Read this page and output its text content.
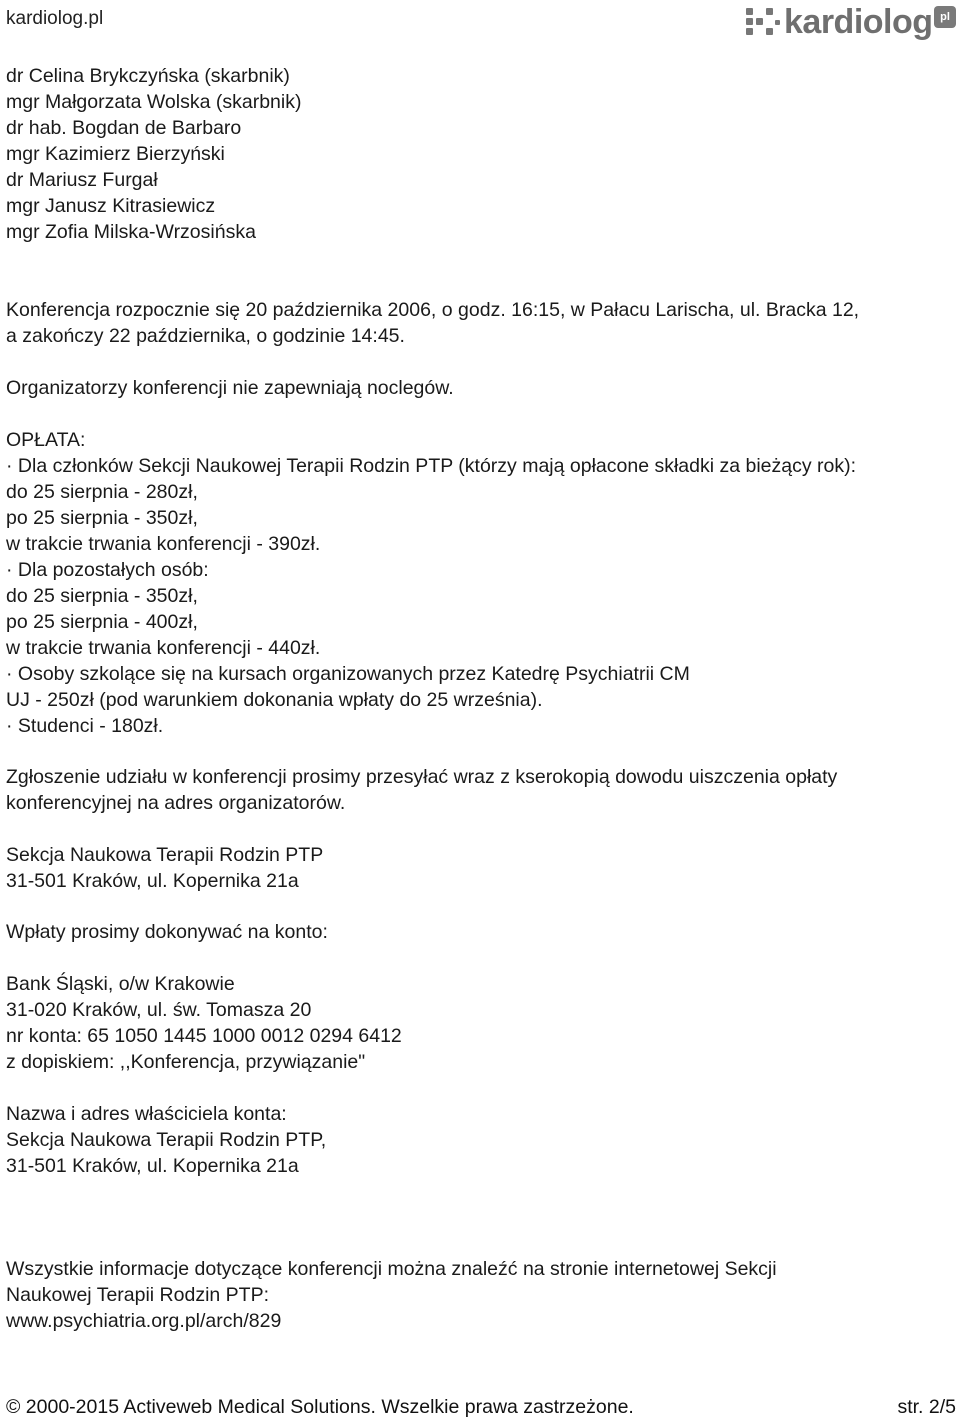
kardiolog.pl	kardiolog pl
dr Celina Brykczyńska (skarbnik)
mgr Małgorzata Wolska (skarbnik)
dr hab. Bogdan de Barbaro
mgr Kazimierz Bierzyński
dr Mariusz Furgał
mgr Janusz Kitrasiewicz
mgr Zofia Milska-Wrzosińska
Konferencja rozpocznie się 20 października 2006, o godz. 16:15, w Pałacu Larischa, ul. Bracka 12,
a zakończy 22 października, o godzinie 14:45.
Organizatorzy konferencji nie zapewniają noclegów.
OPŁATA:
· Dla członków Sekcji Naukowej Terapii Rodzin PTP (którzy mają opłacone składki za bieżący rok):
do 25 sierpnia - 280zł,
po 25 sierpnia - 350zł,
w trakcie trwania konferencji - 390zł.
· Dla pozostałych osób:
do 25 sierpnia - 350zł,
po 25 sierpnia - 400zł,
w trakcie trwania konferencji - 440zł.
· Osoby szkolące się na kursach organizowanych przez Katedrę Psychiatrii CM
UJ - 250zł (pod warunkiem dokonania wpłaty do 25 września).
· Studenci - 180zł.
Zgłoszenie udziału w konferencji prosimy przesyłać wraz z kserokopią dowodu uiszczenia opłaty
konferencyjnej na adres organizatorów.
Sekcja Naukowa Terapii Rodzin PTP
31-501 Kraków, ul. Kopernika 21a
Wpłaty prosimy dokonywać na konto:
Bank Śląski, o/w Krakowie
31-020 Kraków, ul. św. Tomasza 20
nr konta: 65 1050 1445 1000 0012 0294 6412
z dopiskiem: ,,Konferencja, przywiązanie"
Nazwa i adres właściciela konta:
Sekcja Naukowa Terapii Rodzin PTP,
31-501 Kraków, ul. Kopernika 21a
Wszystkie informacje dotyczące konferencji można znaleźć na stronie internetowej Sekcji
Naukowej Terapii Rodzin PTP:
www.psychiatria.org.pl/arch/829
© 2000-2015 Activeweb Medical Solutions. Wszelkie prawa zastrzeżone.	str. 2/5
